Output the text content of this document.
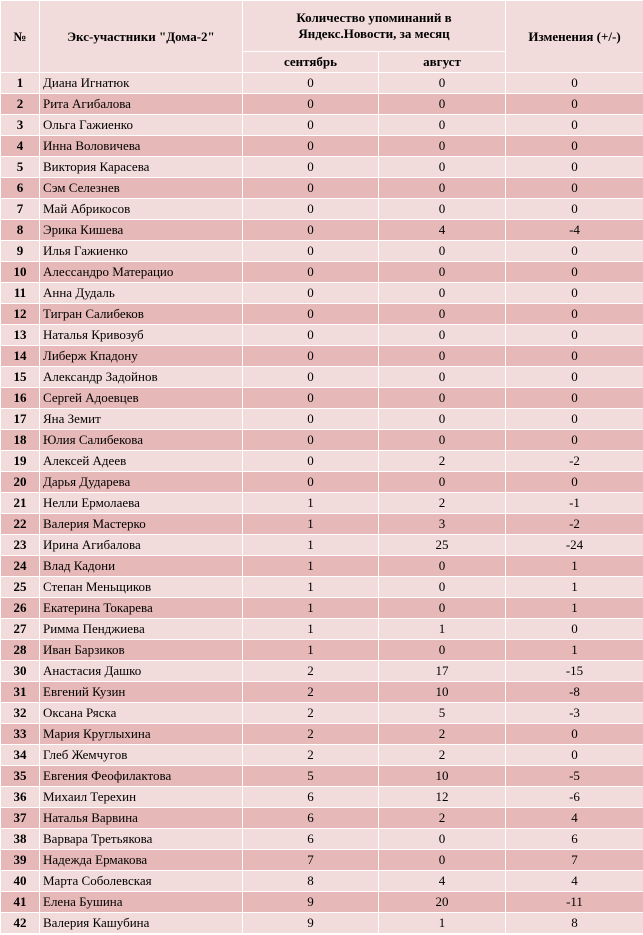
№	Экс-участники "Дома-2"	Количество упоминаний в Яндекс.Новости, за месяц		Изменения (+/-)
		сентябрь	август	
1	Диана Игнатюк	0	0	0
2	Рита Агибалова	0	0	0
3	Ольга Гажиенко	0	0	0
4	Инна Воловичева	0	0	0
5	Виктория Карасева	0	0	0
6	Сэм Селезнев	0	0	0
7	Май Абрикосов	0	0	0
8	Эрика Кишева	0	4	-4
9	Илья Гажиенко	0	0	0
10	Алессандро Матерацио	0	0	0
11	Анна Дудаль	0	0	0
12	Тигран Салибеков	0	0	0
13	Наталья Кривозуб	0	0	0
14	Либерж Кпадону	0	0	0
15	Александр Задойнов	0	0	0
16	Сергей Адоевцев	0	0	0
17	Яна Земит	0	0	0
18	Юлия Салибекова	0	0	0
19	Алексей Адеев	0	2	-2
20	Дарья Дударева	0	0	0
21	Нелли Ермолаева	1	2	-1
22	Валерия Мастерко	1	3	-2
23	Ирина Агибалова	1	25	-24
24	Влад Кадони	1	0	1
25	Степан Меньщиков	1	0	1
26	Екатерина Токарева	1	0	1
27	Римма Пенджиева	1	1	0
28	Иван Барзиков	1	0	1
30	Анастасия Дашко	2	17	-15
31	Евгений Кузин	2	10	-8
32	Оксана Ряска	2	5	-3
33	Мария Круглыхина	2	2	0
34	Глеб Жемчугов	2	2	0
35	Евгения Феофилактова	5	10	-5
36	Михаил Терехин	6	12	-6
37	Наталья Варвина	6	2	4
38	Варвара Третьякова	6	0	6
39	Надежда Ермакова	7	0	7
40	Марта Соболевская	8	4	4
41	Елена Бушина	9	20	-11
42	Валерия Кашубина	9	1	8
